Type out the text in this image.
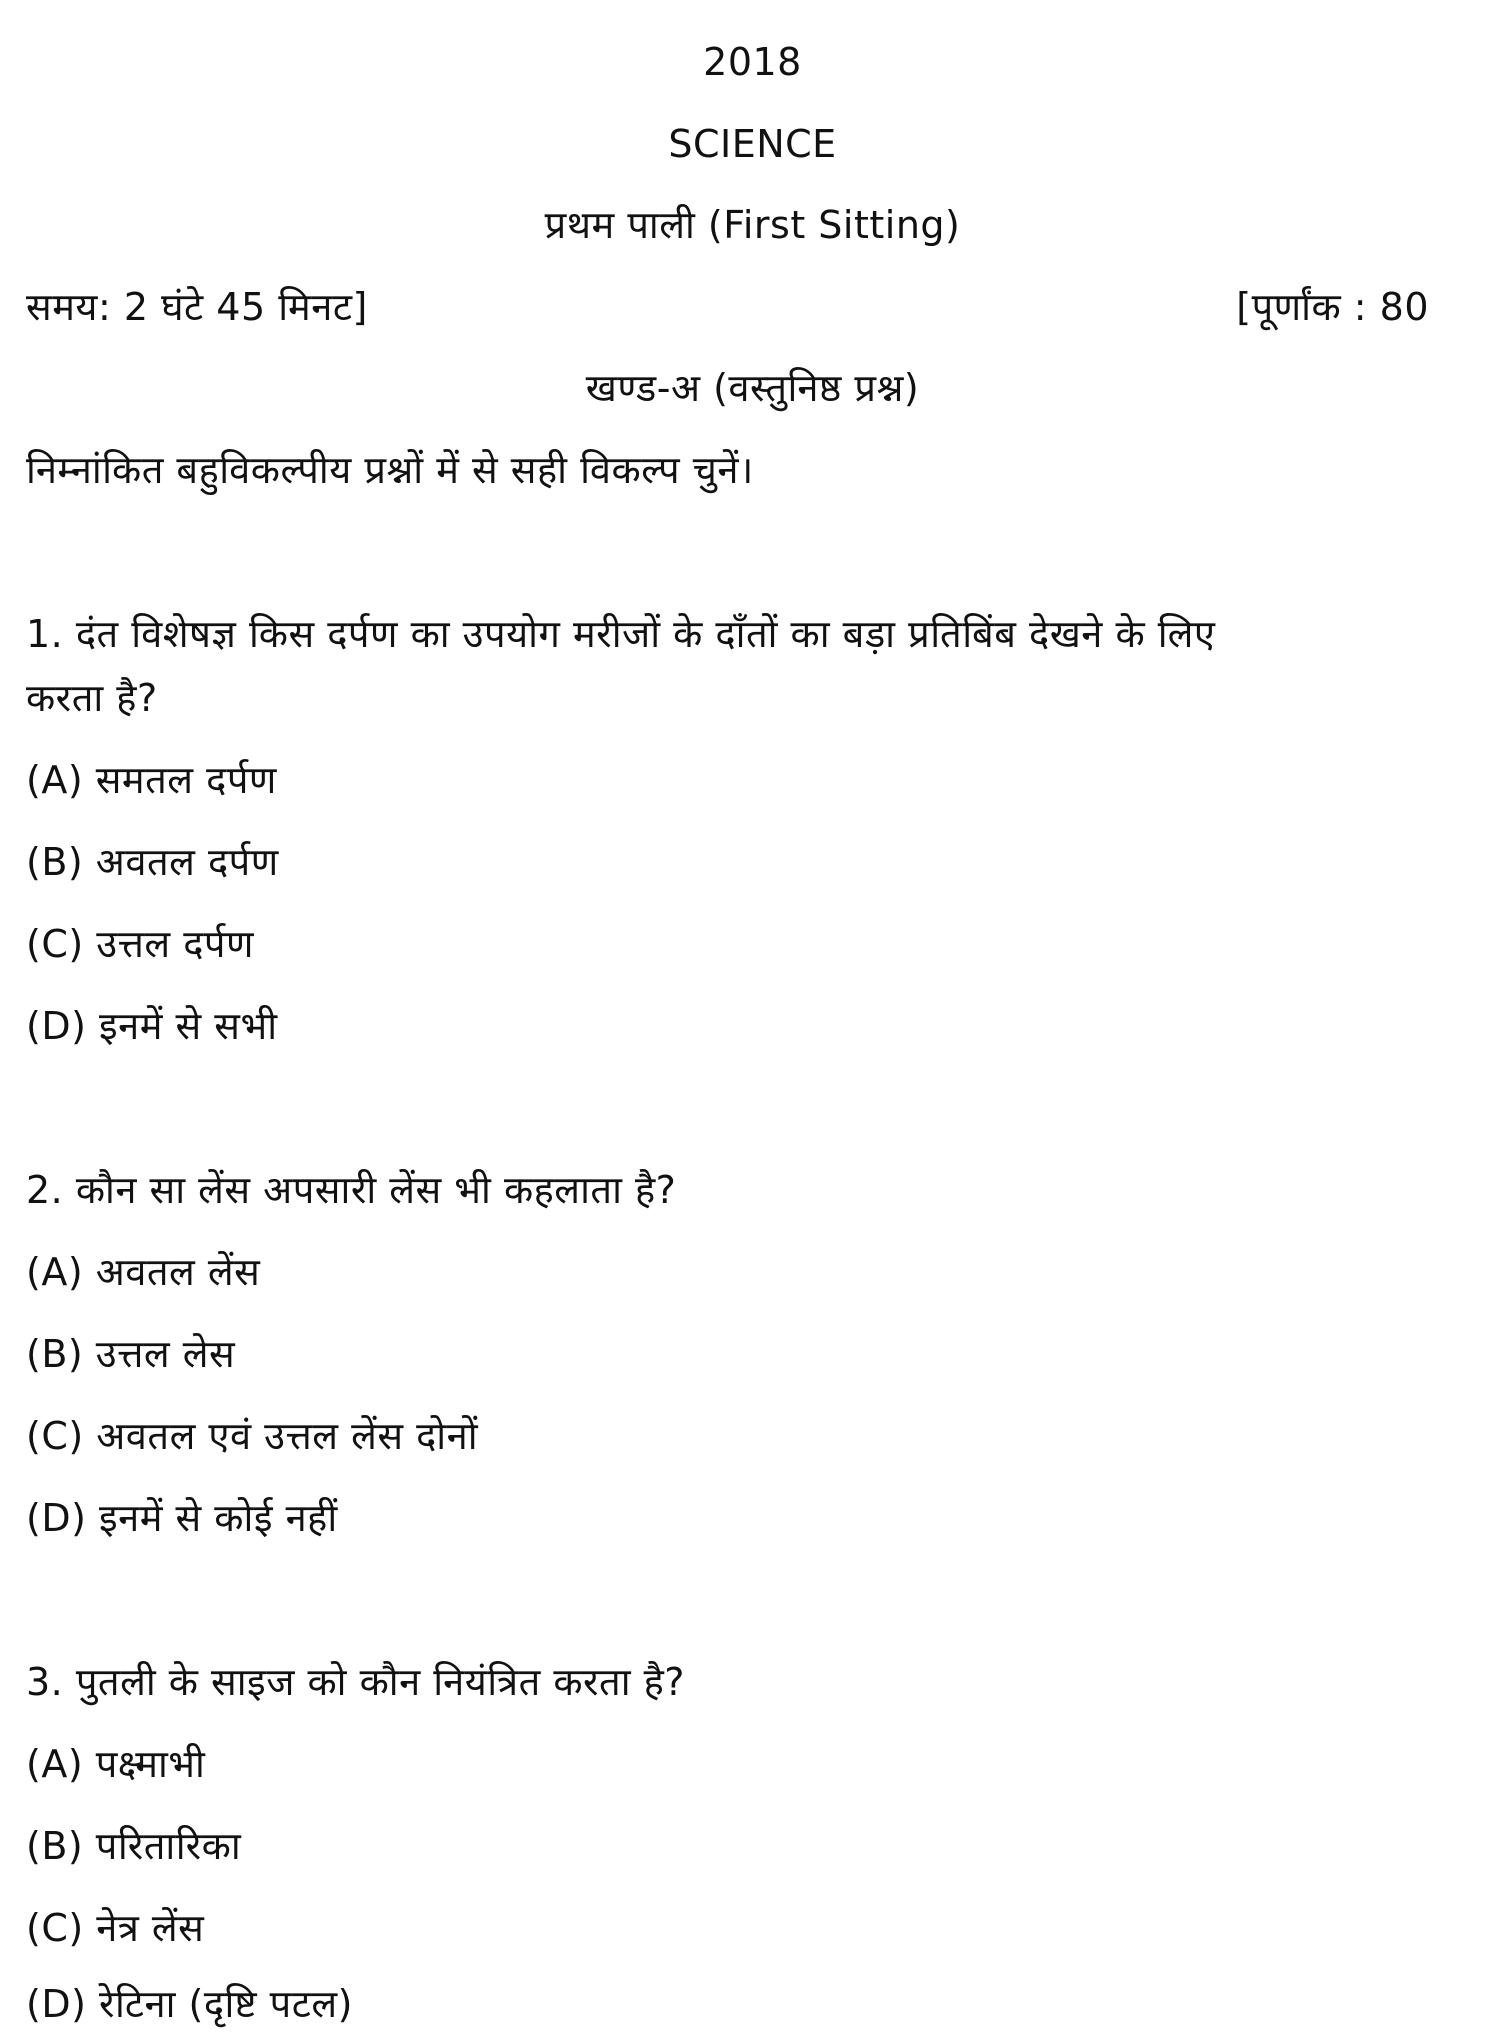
2018
SCIENCE
प्रथम पाली (First Sitting)
समय: 2 घंटे 45 मिनट]	[पूर्णांक : 80
खण्ड-अ (वस्तुनिष्ठ प्रश्न)
निम्नांकित बहुविकल्पीय प्रश्नों में से सही विकल्प चुनें।
1. दंत विशेषज्ञ किस दर्पण का उपयोग मरीजों के दाँतों का बड़ा प्रतिबिंब देखने के लिए
करता है?
(A) समतल दर्पण
(B) अवतल दर्पण
(C) उत्तल दर्पण
(D) इनमें से सभी
2. कौन सा लेंस अपसारी लेंस भी कहलाता है?
(A) अवतल लेंस
(B) उत्तल लेस
(C) अवतल एवं उत्तल लेंस दोनों
(D) इनमें से कोई नहीं
3. पुतली के साइज को कौन नियंत्रित करता है?
(A) पक्ष्माभी
(B) परितारिका
(C) नेत्र लेंस
(D) रेटिना (दृष्टि पटल)
